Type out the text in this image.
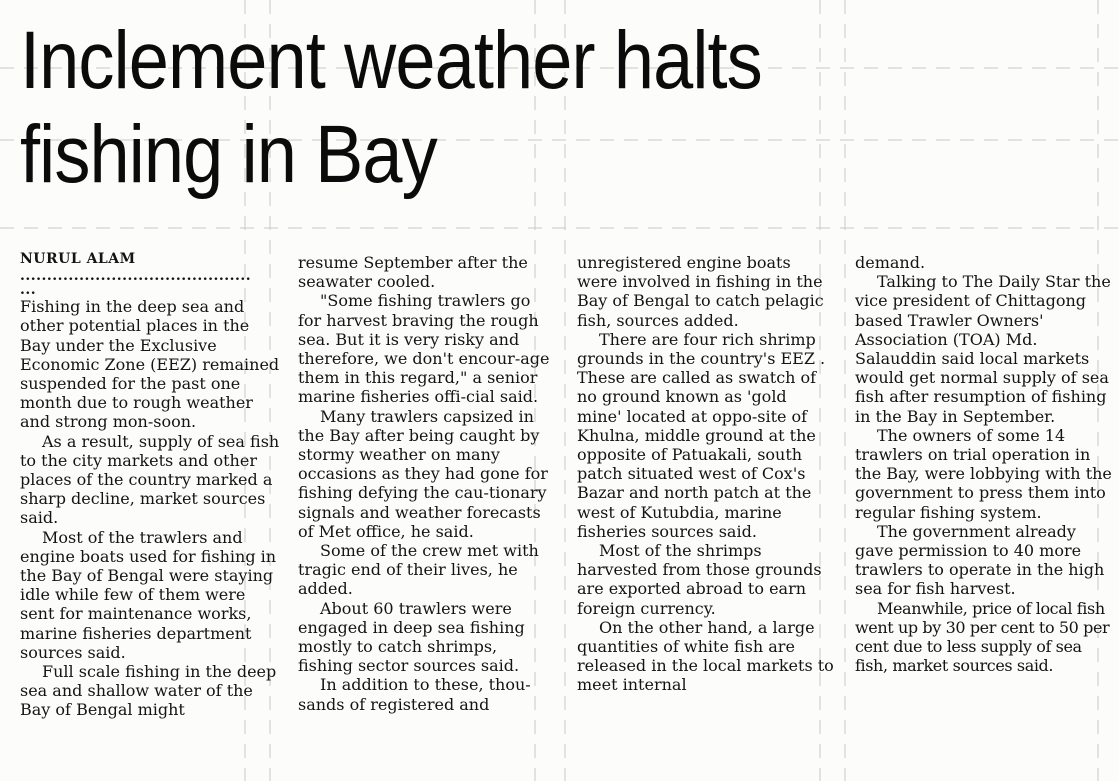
Inclement weather halts
fishing in Bay

NURUL ALAM

...........................................

...

Fishing in the deep sea and other potential places in the Bay under the Exclusive Economic Zone (EEZ) remained suspended for the past one month due to rough weather and strong mon-soon.

As a result, supply of sea fish to the city markets and other places of the country marked a sharp decline, market sources said.

Most of the trawlers and engine boats used for fishing in the Bay of Bengal were staying idle while few of them were sent for maintenance works, marine fisheries department sources said.

Full scale fishing in the deep sea and shallow water of the Bay of Bengal might

resume September after the seawater cooled.

"Some fishing trawlers go for harvest braving the rough sea. But it is very risky and therefore, we don't encour-age them in this regard," a senior marine fisheries offi-cial said.

Many trawlers capsized in the Bay after being caught by stormy weather on many occasions as they had gone for fishing defying the cau-tionary signals and weather forecasts of Met office, he said.

Some of the crew met with tragic end of their lives, he added.

About 60 trawlers were engaged in deep sea fishing mostly to catch shrimps, fishing sector sources said.

In addition to these, thou-sands of registered and

unregistered engine boats were involved in fishing in the Bay of Bengal to catch pelagic fish, sources added.

There are four rich shrimp grounds in the country's EEZ .

These are called as swatch of no ground known as 'gold mine' located at oppo-site of Khulna, middle ground at the opposite of Patuakali, south patch situated west of Cox's Bazar and north patch at the west of Kutubdia, marine fisheries sources said.

Most of the shrimps harvested from those grounds are exported abroad to earn foreign currency.

On the other hand, a large quantities of white fish are released in the local markets to meet internal

demand.

Talking to The Daily Star the vice president of Chittagong based Trawler Owners' Association (TOA) Md. Salauddin said local markets would get normal supply of sea fish after resumption of fishing in the Bay in September.

The owners of some 14 trawlers on trial operation in the Bay, were lobbying with the government to press them into regular fishing system.

The government already gave permission to 40 more trawlers to operate in the high sea for fish harvest.

Meanwhile, price of local fish went up by 30 per cent to 50 per cent due to less supply of sea fish, market sources said.
